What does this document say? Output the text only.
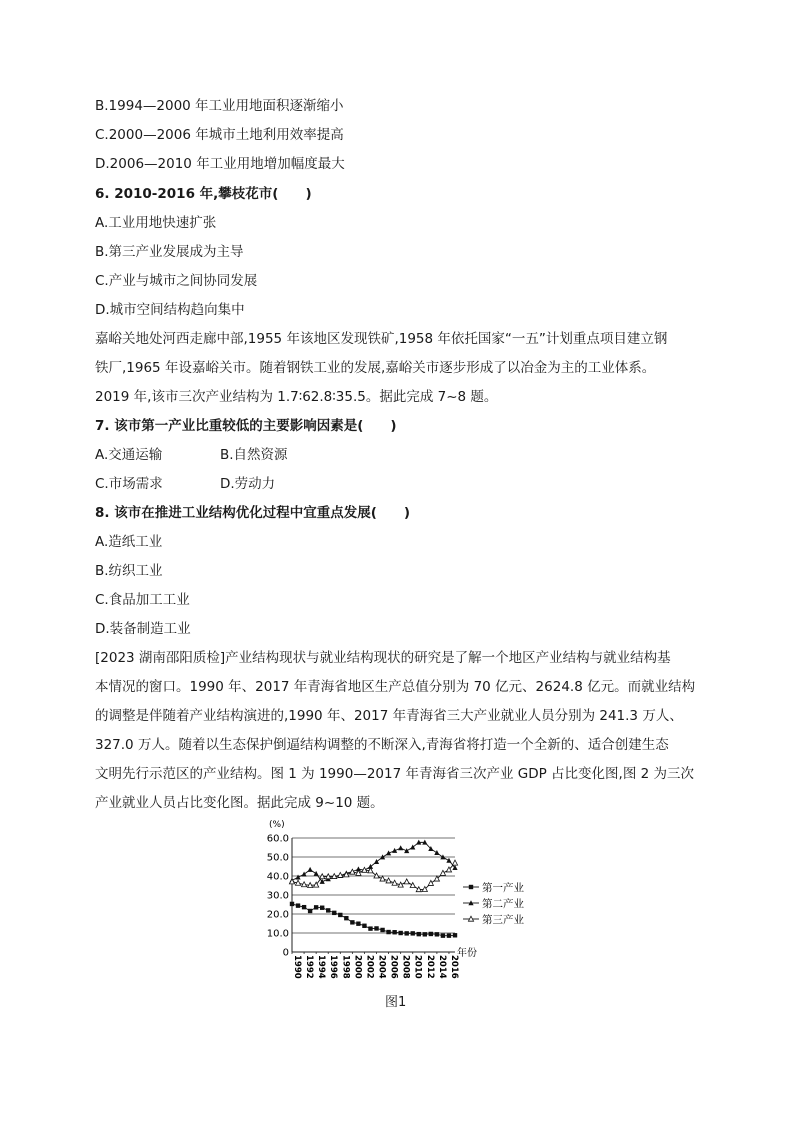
B.1994—2000 年工业用地面积逐渐缩小
C.2000—2006 年城市土地利用效率提高
D.2006—2010 年工业用地增加幅度最大
6. 2010-2016 年,攀枝花市(　　)
A.工业用地快速扩张
B.第三产业发展成为主导
C.产业与城市之间协同发展
D.城市空间结构趋向集中
嘉峪关地处河西走廊中部,1955 年该地区发现铁矿,1958 年依托国家“一五”计划重点项目建立钢
铁厂,1965 年设嘉峪关市。随着钢铁工业的发展,嘉峪关市逐步形成了以冶金为主的工业体系。
2019 年,该市三次产业结构为 1.7∶62.8∶35.5。据此完成 7~8 题。
7. 该市第一产业比重较低的主要影响因素是(　　)
A.交通运输	B.自然资源
C.市场需求	D.劳动力
8. 该市在推进工业结构优化过程中宜重点发展(　　)
A.造纸工业
B.纺织工业
C.食品加工工业
D.装备制造工业
[2023 湖南邵阳质检]产业结构现状与就业结构现状的研究是了解一个地区产业结构与就业结构基
本情况的窗口。1990 年、2017 年青海省地区生产总值分别为 70 亿元、2624.8 亿元。而就业结构
的调整是伴随着产业结构演进的,1990 年、2017 年青海省三大产业就业人员分别为 241.3 万人、
327.0 万人。随着以生态保护倒逼结构调整的不断深入,青海省将打造一个全新的、适合创建生态
文明先行示范区的产业结构。图 1 为 1990—2017 年青海省三次产业 GDP 占比变化图,图 2 为三次
产业就业人员占比变化图。据此完成 9~10 题。
(%)
0
10.0
20.0
30.0
40.0
50.0
60.0
1990 1992 1994 1996 1998 2000 2002 2004 2006 2008 2010 2012 2014 2016
年份
第一产业
第二产业
第三产业
图1
